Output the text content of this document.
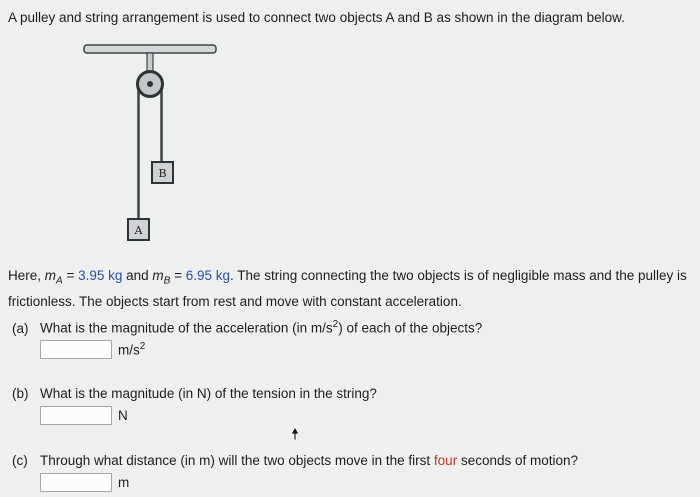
A pulley and string arrangement is used to connect two objects A and B as shown in the diagram below.
B
A
Here, $m_A = 3.95$ kg and $m_B = 6.95$ kg. The string connecting the two objects is of negligible mass and the pulley is frictionless. The objects start from rest and move with constant acceleration.
(a) What is the magnitude of the acceleration (in $m/s^2$) of each of the objects?
$m/s^2$
(b) What is the magnitude (in N) of the tension in the string?
N
(c) Through what distance (in m) will the two objects move in the first four seconds of motion?
m
